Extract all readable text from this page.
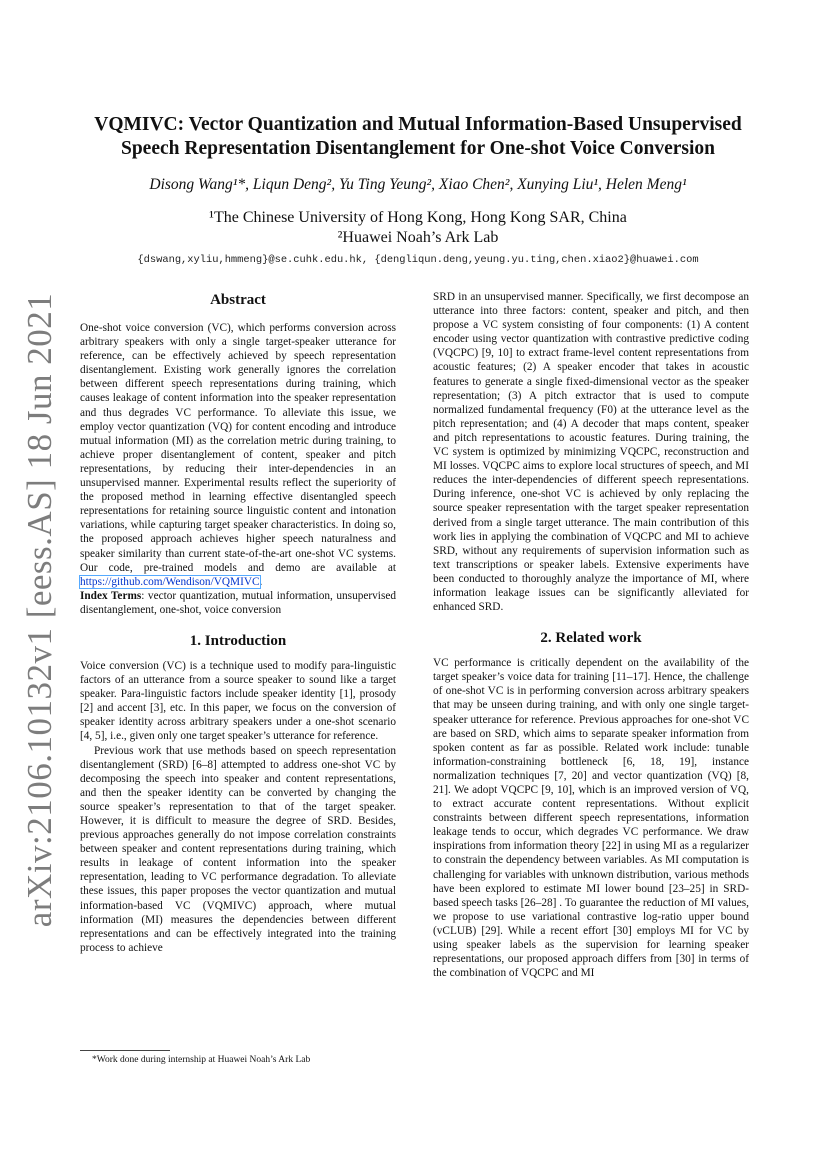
arXiv:2106.10132v1 [eess.AS] 18 Jun 2021
VQMIVC: Vector Quantization and Mutual Information-Based Unsupervised
Speech Representation Disentanglement for One-shot Voice Conversion
Disong Wang¹*, Liqun Deng², Yu Ting Yeung², Xiao Chen², Xunying Liu¹, Helen Meng¹
¹The Chinese University of Hong Kong, Hong Kong SAR, China
²Huawei Noah’s Ark Lab
{dswang,xyliu,hmmeng}@se.cuhk.edu.hk, {dengliqun.deng,yeung.yu.ting,chen.xiao2}@huawei.com
Abstract

One-shot voice conversion (VC), which performs conversion across arbitrary speakers with only a single target-speaker utterance for reference, can be effectively achieved by speech representation disentanglement. Existing work generally ignores the correlation between different speech representations during training, which causes leakage of content information into the speaker representation and thus degrades VC performance. To alleviate this issue, we employ vector quantization (VQ) for content encoding and introduce mutual information (MI) as the correlation metric during training, to achieve proper disentanglement of content, speaker and pitch representations, by reducing their inter-dependencies in an unsupervised manner. Experimental results reflect the superiority of the proposed method in learning effective disentangled speech representations for retaining source linguistic content and intonation variations, while capturing target speaker characteristics. In doing so, the proposed approach achieves higher speech naturalness and speaker similarity than current state-of-the-art one-shot VC systems. Our code, pre-trained models and demo are available at https://github.com/Wendison/VQMIVC.

Index Terms: vector quantization, mutual information, unsupervised disentanglement, one-shot, voice conversion

1. Introduction

Voice conversion (VC) is a technique used to modify para-linguistic factors of an utterance from a source speaker to sound like a target speaker. Para-linguistic factors include speaker identity [1], prosody [2] and accent [3], etc. In this paper, we focus on the conversion of speaker identity across arbitrary speakers under a one-shot scenario [4, 5], i.e., given only one target speaker’s utterance for reference.

Previous work that use methods based on speech representation disentanglement (SRD) [6–8] attempted to address one-shot VC by decomposing the speech into speaker and content representations, and then the speaker identity can be converted by changing the source speaker’s representation to that of the target speaker. However, it is difficult to measure the degree of SRD. Besides, previous approaches generally do not impose correlation constraints between speaker and content representations during training, which results in leakage of content information into the speaker representation, leading to VC performance degradation. To alleviate these issues, this paper proposes the vector quantization and mutual information-based VC (VQMIVC) approach, where mutual information (MI) measures the dependencies between different representations and can be effectively integrated into the training process to achieve

SRD in an unsupervised manner. Specifically, we first decompose an utterance into three factors: content, speaker and pitch, and then propose a VC system consisting of four components: (1) A content encoder using vector quantization with contrastive predictive coding (VQCPC) [9, 10] to extract frame-level content representations from acoustic features; (2) A speaker encoder that takes in acoustic features to generate a single fixed-dimensional vector as the speaker representation; (3) A pitch extractor that is used to compute normalized fundamental frequency (F0) at the utterance level as the pitch representation; and (4) A decoder that maps content, speaker and pitch representations to acoustic features. During training, the VC system is optimized by minimizing VQCPC, reconstruction and MI losses. VQCPC aims to explore local structures of speech, and MI reduces the inter-dependencies of different speech representations. During inference, one-shot VC is achieved by only replacing the source speaker representation with the target speaker representation derived from a single target utterance. The main contribution of this work lies in applying the combination of VQCPC and MI to achieve SRD, without any requirements of supervision information such as text transcriptions or speaker labels. Extensive experiments have been conducted to thoroughly analyze the importance of MI, where information leakage issues can be significantly alleviated for enhanced SRD.

2. Related work

VC performance is critically dependent on the availability of the target speaker’s voice data for training [11–17]. Hence, the challenge of one-shot VC is in performing conversion across arbitrary speakers that may be unseen during training, and with only one single target-speaker utterance for reference. Previous approaches for one-shot VC are based on SRD, which aims to separate speaker information from spoken content as far as possible. Related work include: tunable information-constraining bottleneck [6, 18, 19], instance normalization techniques [7, 20] and vector quantization (VQ) [8, 21]. We adopt VQCPC [9, 10], which is an improved version of VQ, to extract accurate content representations. Without explicit constraints between different speech representations, information leakage tends to occur, which degrades VC performance. We draw inspirations from information theory [22] in using MI as a regularizer to constrain the dependency between variables. As MI computation is challenging for variables with unknown distribution, various methods have been explored to estimate MI lower bound [23–25] in SRD-based speech tasks [26–28] . To guarantee the reduction of MI values, we propose to use variational contrastive log-ratio upper bound (vCLUB) [29]. While a recent effort [30] employs MI for VC by using speaker labels as the supervision for learning speaker representations, our proposed approach differs from [30] in terms of the combination of VQCPC and MI

*Work done during internship at Huawei Noah’s Ark Lab
